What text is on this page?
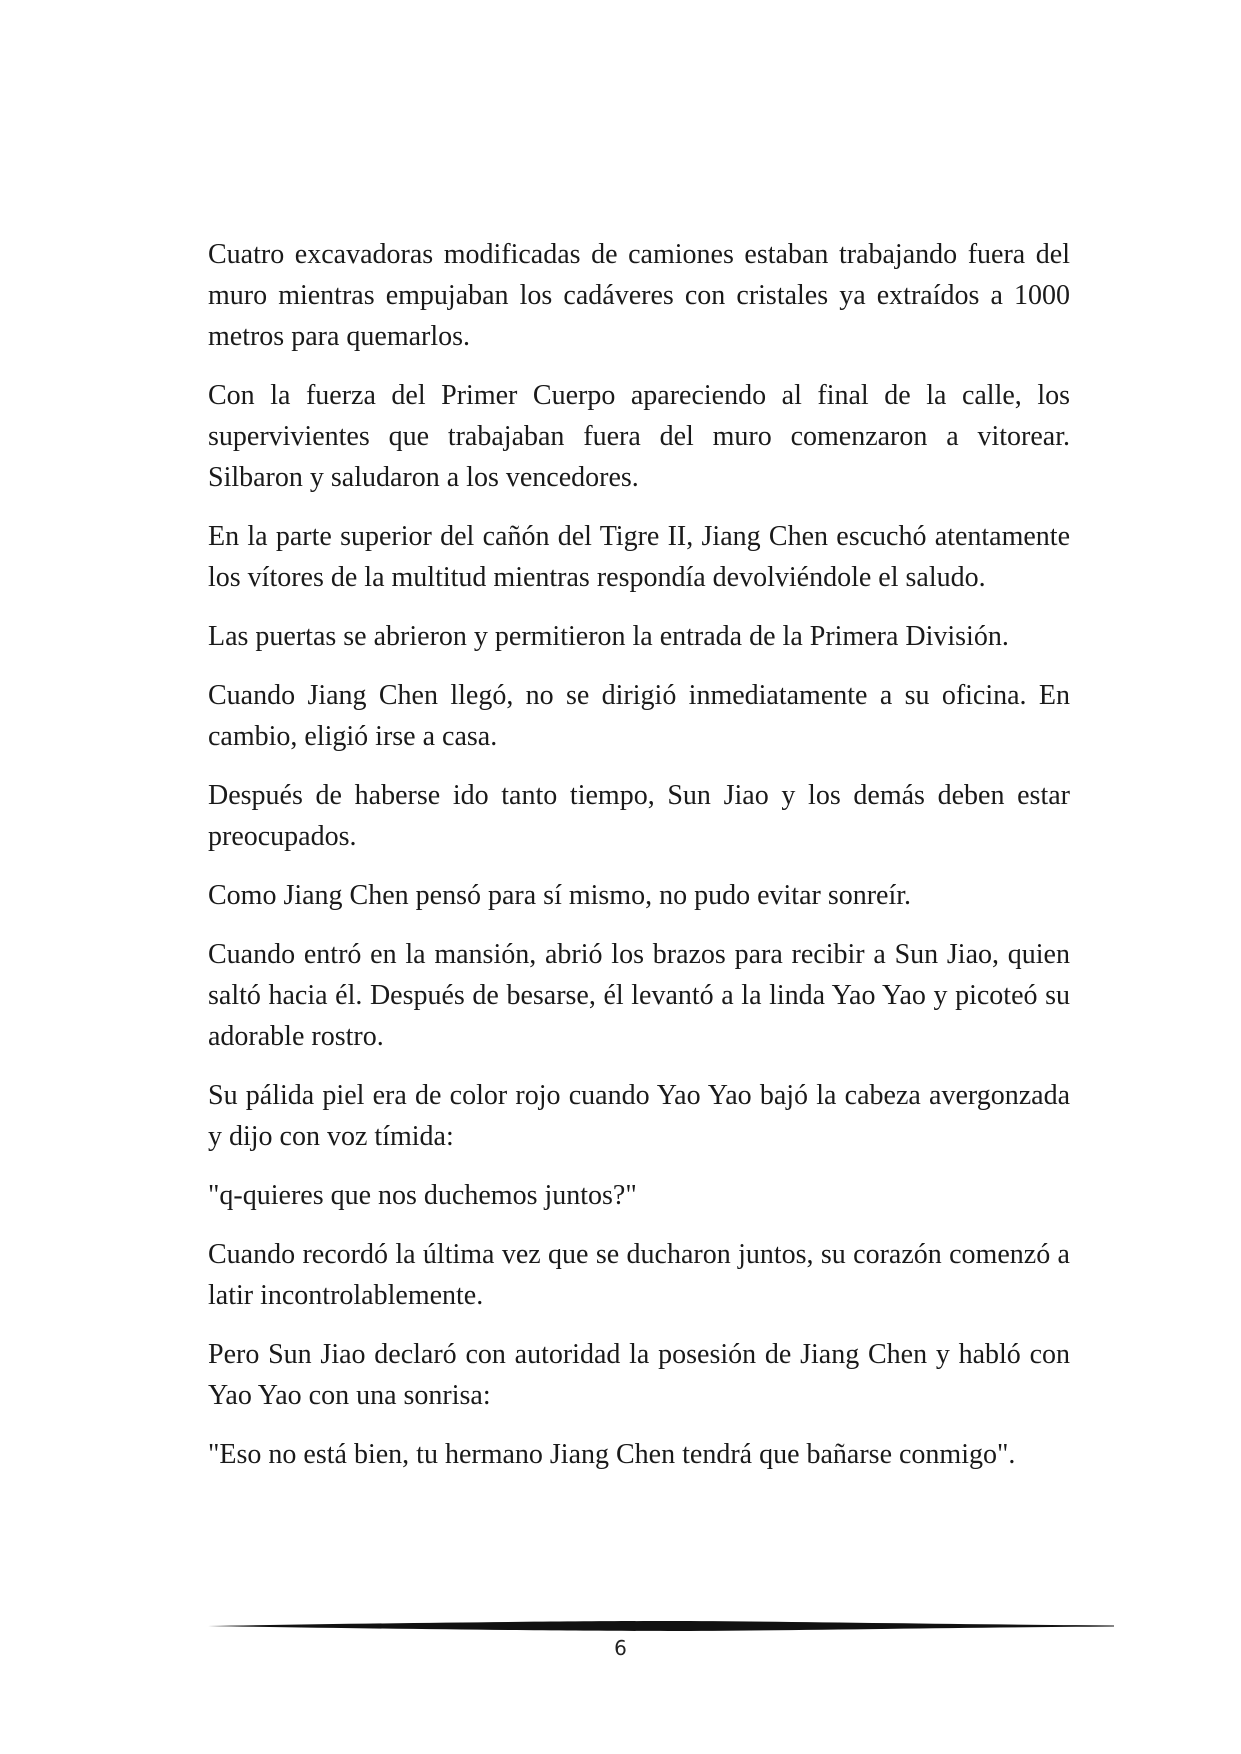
Cuatro excavadoras modificadas de camiones estaban trabajando fuera del muro mientras empujaban los cadáveres con cristales ya extraídos a 1000 metros para quemarlos.

Con la fuerza del Primer Cuerpo apareciendo al final de la calle, los supervivientes que trabajaban fuera del muro comenzaron a vitorear. Silbaron y saludaron a los vencedores.

En la parte superior del cañón del Tigre II, Jiang Chen escuchó atentamente los vítores de la multitud mientras respondía devolviéndole el saludo.

Las puertas se abrieron y permitieron la entrada de la Primera División.

Cuando Jiang Chen llegó, no se dirigió inmediatamente a su oficina. En cambio, eligió irse a casa.

Después de haberse ido tanto tiempo, Sun Jiao y los demás deben estar preocupados.

Como Jiang Chen pensó para sí mismo, no pudo evitar sonreír.

Cuando entró en la mansión, abrió los brazos para recibir a Sun Jiao, quien saltó hacia él. Después de besarse, él levantó a la linda Yao Yao y picoteó su adorable rostro.

Su pálida piel era de color rojo cuando Yao Yao bajó la cabeza avergonzada y dijo con voz tímida:

"q-quieres que nos duchemos juntos?"

Cuando recordó la última vez que se ducharon juntos, su corazón comenzó a latir incontrolablemente.

Pero Sun Jiao declaró con autoridad la posesión de Jiang Chen y habló con Yao Yao con una sonrisa:

"Eso no está bien, tu hermano Jiang Chen tendrá que bañarse conmigo".

6
